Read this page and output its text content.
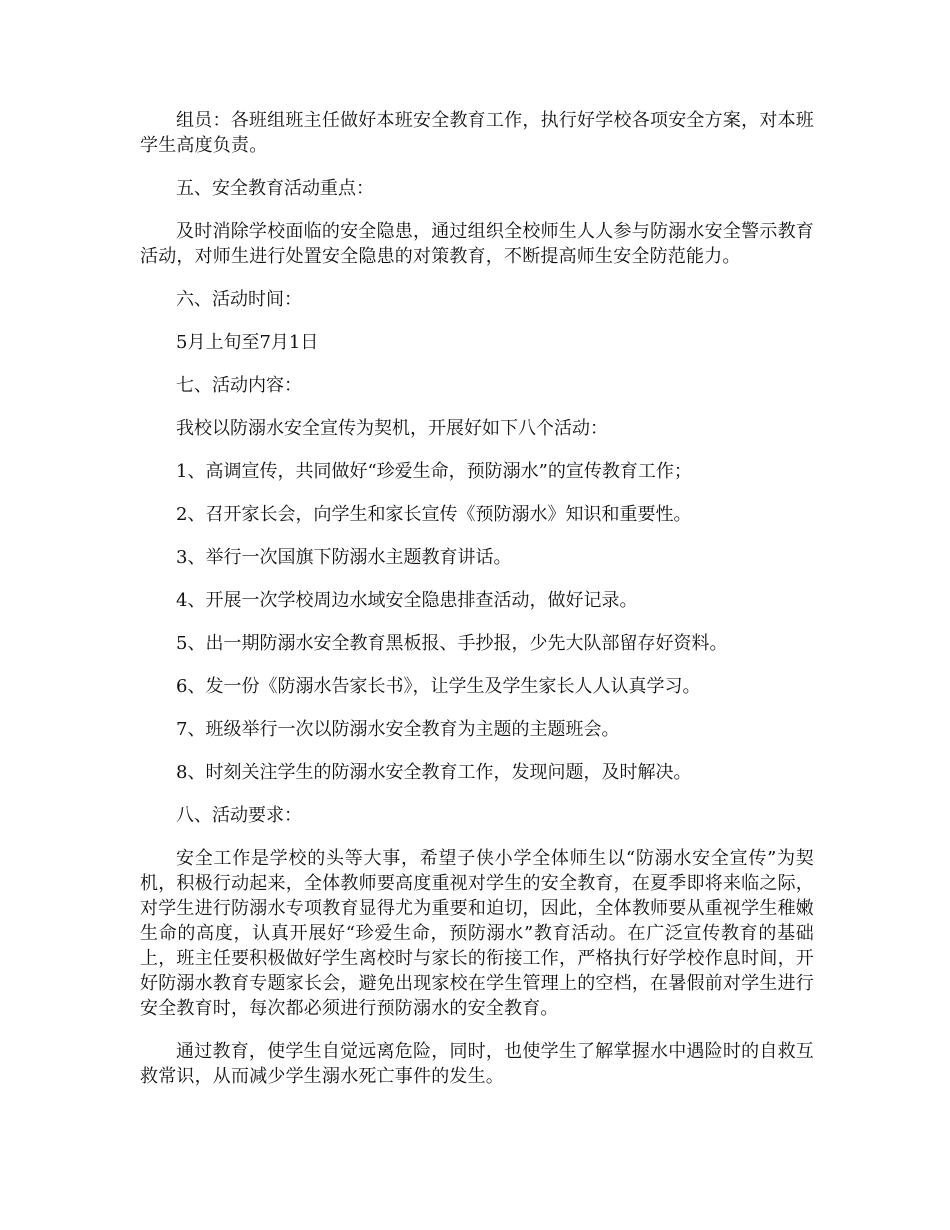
组员：各班组班主任做好本班安全教育工作，执行好学校各项安全方案，对本班学生高度负责。

五、安全教育活动重点：

及时消除学校面临的安全隐患，通过组织全校师生人人参与防溺水安全警示教育活动，对师生进行处置安全隐患的对策教育，不断提高师生安全防范能力。

六、活动时间：

5月上旬至7月1日

七、活动内容：

我校以防溺水安全宣传为契机，开展好如下八个活动：

1、高调宣传，共同做好“珍爱生命，预防溺水”的宣传教育工作；

2、召开家长会，向学生和家长宣传《预防溺水》知识和重要性。

3、举行一次国旗下防溺水主题教育讲话。

4、开展一次学校周边水域安全隐患排查活动，做好记录。

5、出一期防溺水安全教育黑板报、手抄报，少先大队部留存好资料。

6、发一份《防溺水告家长书》，让学生及学生家长人人认真学习。

7、班级举行一次以防溺水安全教育为主题的主题班会。

8、时刻关注学生的防溺水安全教育工作，发现问题，及时解决。

八、活动要求：

安全工作是学校的头等大事，希望子侠小学全体师生以“防溺水安全宣传”为契机，积极行动起来，全体教师要高度重视对学生的安全教育，在夏季即将来临之际，对学生进行防溺水专项教育显得尤为重要和迫切，因此，全体教师要从重视学生稚嫩生命的高度，认真开展好“珍爱生命，预防溺水”教育活动。在广泛宣传教育的基础上，班主任要积极做好学生离校时与家长的衔接工作，严格执行好学校作息时间，开好防溺水教育专题家长会，避免出现家校在学生管理上的空档，在暑假前对学生进行安全教育时，每次都必须进行预防溺水的安全教育。

通过教育，使学生自觉远离危险，同时，也使学生了解掌握水中遇险时的自救互救常识，从而减少学生溺水死亡事件的发生。
